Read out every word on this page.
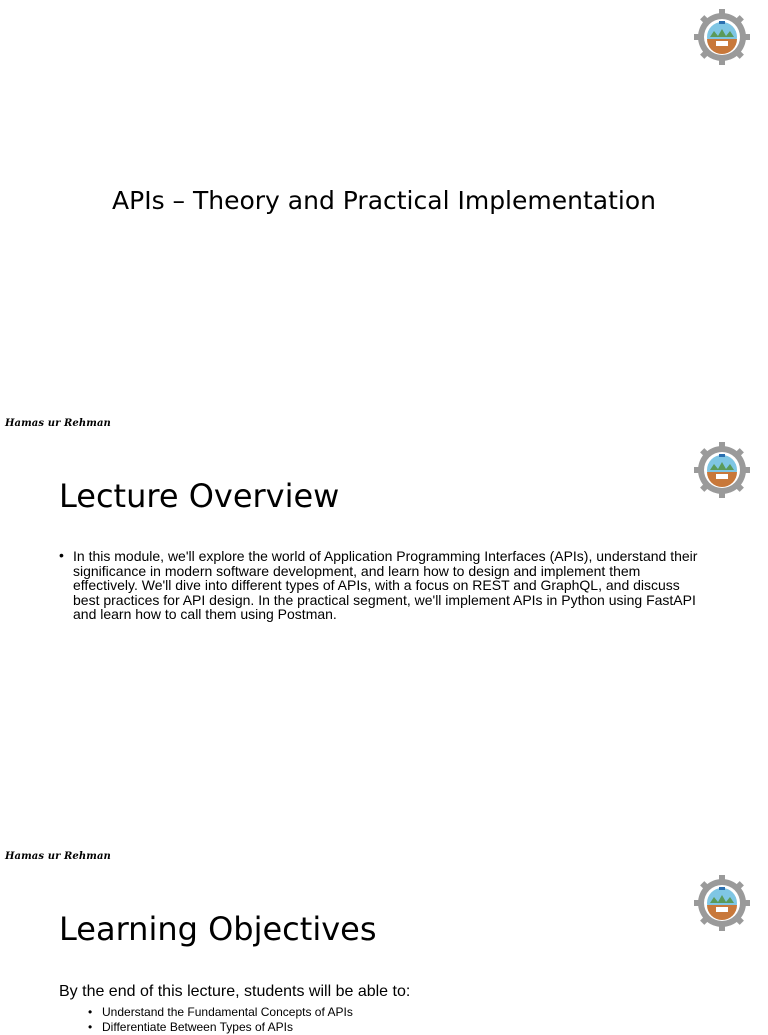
APIs – Theory and Practical Implementation
Hamas ur Rehman
Lecture Overview
• In this module, we'll explore the world of Application Programming Interfaces (APIs), understand their significance in modern software development, and learn how to design and implement them effectively. We'll dive into different types of APIs, with a focus on REST and GraphQL, and discuss best practices for API design. In the practical segment, we'll implement APIs in Python using FastAPI and learn how to call them using Postman.
Hamas ur Rehman
Learning Objectives
By the end of this lecture, students will be able to:
• Understand the Fundamental Concepts of APIs
• Differentiate Between Types of APIs
